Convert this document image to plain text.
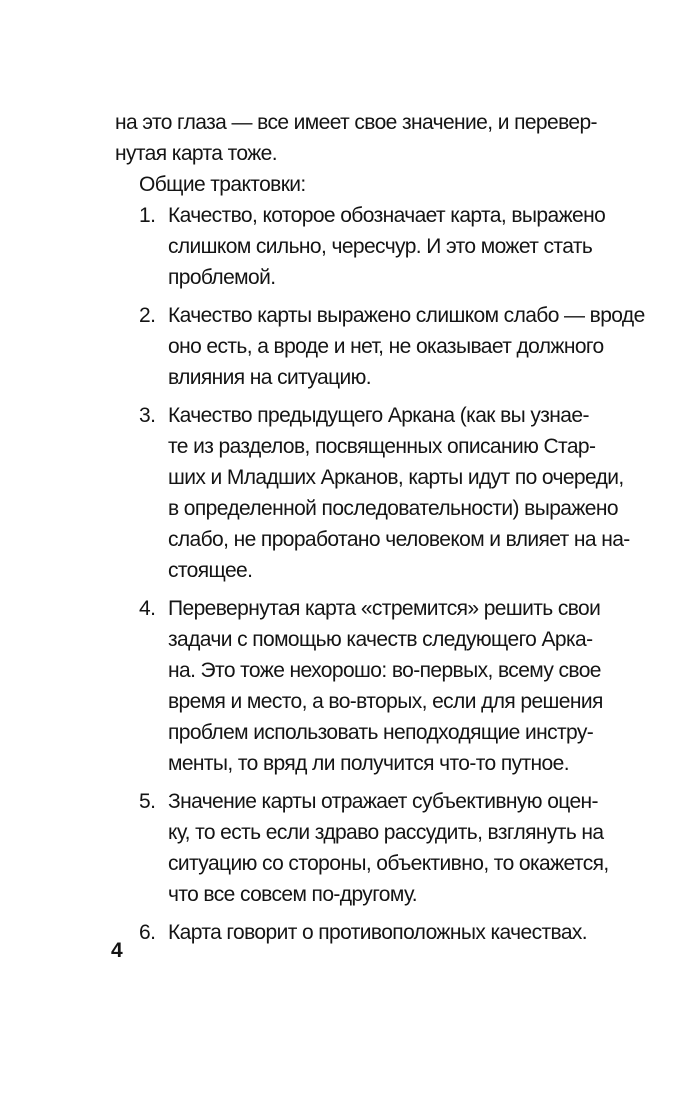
на это глаза — все имеет свое значение, и перевер-
нутая карта тоже.

Общие трактовки:

1. Качество, которое обозначает карта, выражено
слишком сильно, чересчур. И это может стать
проблемой.
2. Качество карты выражено слишком слабо — вроде
оно есть, а вроде и нет, не оказывает должного
влияния на ситуацию.
3. Качество предыдущего Аркана (как вы узнае-
те из разделов, посвященных описанию Стар-
ших и Младших Арканов, карты идут по очереди,
в определенной последовательности) выражено
слабо, не проработано человеком и влияет на на-
стоящее.
4. Перевернутая карта «стремится» решить свои
задачи с помощью качеств следующего Арка-
на. Это тоже нехорошо: во-первых, всему свое
время и место, а во-вторых, если для решения
проблем использовать неподходящие инстру-
менты, то вряд ли получится что-то путное.
5. Значение карты отражает субъективную оцен-
ку, то есть если здраво рассудить, взглянуть на
ситуацию со стороны, объективно, то окажется,
что все совсем по-другому.
6. Карта говорит о противоположных качествах.
4
